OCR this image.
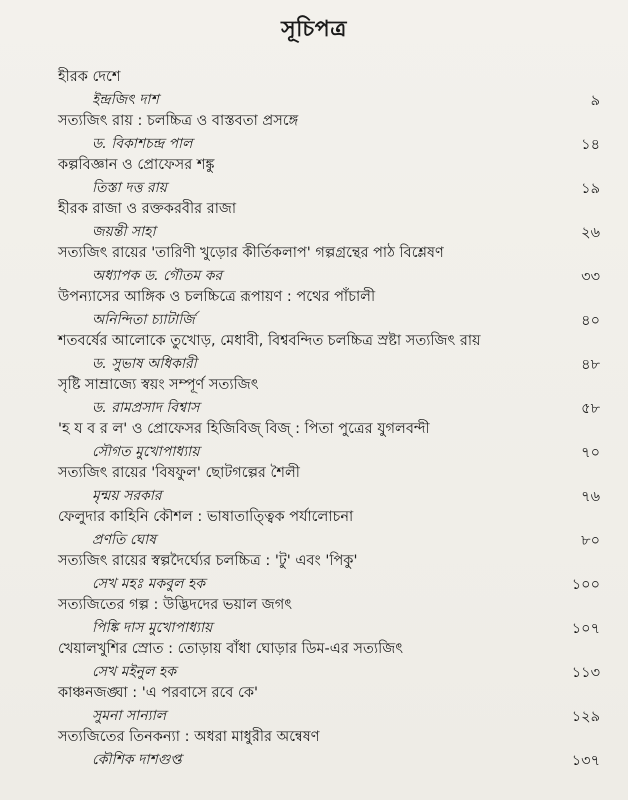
সূচিপত্র
হীরক দেশে
ইন্দ্রজিৎ দাশ	৯
সত্যজিৎ রায় : চলচ্চিত্র ও বাস্তবতা প্রসঙ্গে
ড. বিকাশচন্দ্র পাল	১৪
কল্পবিজ্ঞান ও প্রোফেসর শঙ্কু
তিস্তা দত্ত রায়	১৯
হীরক রাজা ও রক্তকরবীর রাজা
জয়ন্তী সাহা	২৬
সত্যজিৎ রায়ের 'তারিণী খুড়োর কীর্তিকলাপ' গল্পগ্রন্থের পাঠ বিশ্লেষণ
অধ্যাপক ড. গৌতম কর	৩৩
উপন্যাসের আঙ্গিক ও চলচ্চিত্রে রূপায়ণ : পথের পাঁচালী
অনিন্দিতা চ্যাটার্জি	৪০
শতবর্ষের আলোকে তুখোড়, মেধাবী, বিশ্ববন্দিত চলচ্চিত্র স্রষ্টা সত্যজিৎ রায়
ড. সুভাষ অধিকারী	৪৮
সৃষ্টি সাম্রাজ্যে স্বয়ং সম্পূর্ণ সত্যজিৎ
ড. রামপ্রসাদ বিশ্বাস	৫৮
'হ য ব র ল' ও প্রোফেসর হিজিবিজ্ বিজ্ : পিতা পুত্রের যুগলবন্দী
সৌগত মুখোপাধ্যায়	৭০
সত্যজিৎ রায়ের 'বিষফুল' ছোটগল্পের শৈলী
মৃন্ময় সরকার	৭৬
ফেলুদার কাহিনি কৌশল : ভাষাতাত্ত্বিক পর্যালোচনা
প্রণতি ঘোষ	৮০
সত্যজিৎ রায়ের স্বল্পদৈর্ঘ্যের চলচ্চিত্র : 'টু' এবং 'পিকু'
সেখ মহঃ মকবুল হক	১০০
সত্যজিতের গল্প : উদ্ভিদদের ভয়াল জগৎ
পিঙ্কি দাস মুখোপাধ্যায়	১০৭
খেয়ালখুশির স্রোত : তোড়ায় বাঁধা ঘোড়ার ডিম-এর সত্যজিৎ
সেখ মইনুল হক	১১৩
কাঞ্চনজঙ্ঘা : 'এ পরবাসে রবে কে'
সুমনা সান্যাল	১২৯
সত্যজিতের তিনকন্যা : অধরা মাধুরীর অন্বেষণ
কৌশিক দাশগুপ্ত	১৩৭
